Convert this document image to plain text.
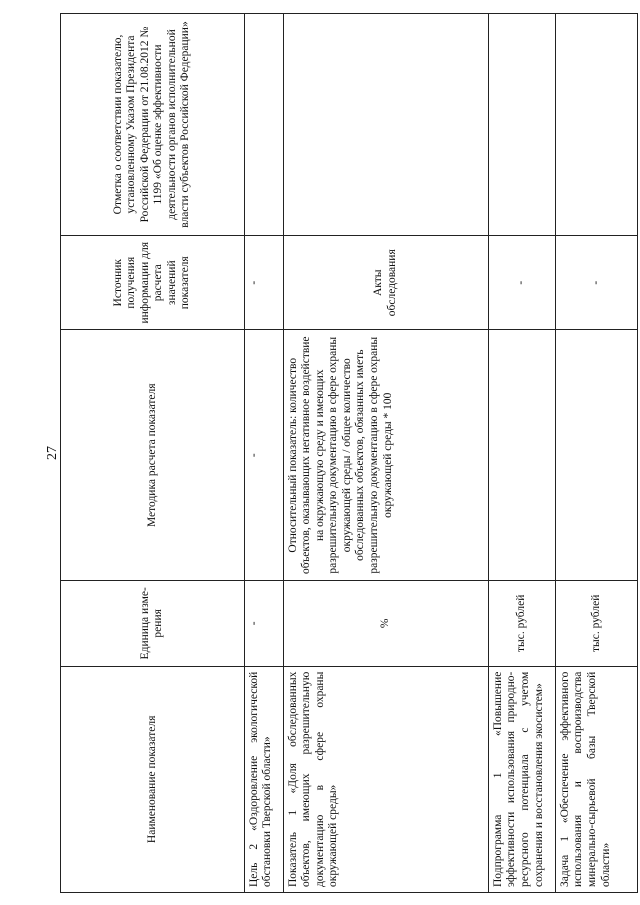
27
Наименование показателя	Единица изме-рения	Методика расчета показателя	Источник получения информации для расчета значений показателя	Отметка о соответствии показателю, установленному Указом Президента Российской Федерации от 21.08.2012 № 1199 «Об оценке эффективности деятельности органов исполнительной власти субъектов Российской Федерации»
Цель 2 «Оздоровление экологической обстановки Тверской области»	-	-	-	
Показатель 1 «Доля обследованных объектов, имеющих разрешительную документацию в сфере охраны окружающей среды»	%	Относительный показатель: количество объектов, оказывающих негативное воздействие на окружающую среду и имеющих разрешительную документацию в сфере охраны окружающей среды / общее количество обследованных объектов, обязанных иметь разрешительную документацию в сфере охраны окружающей среды * 100	Акты обследования	
Подпрограмма 1 «Повышение эффективности использования природно-ресурсного потенциала с учетом сохранения и восстановления экосистем»	тыс. рублей		-	
Задача 1 «Обеспечение эффективного использования и воспроизводства минерально-сырьевой базы Тверской области»	тыс. рублей		-	
